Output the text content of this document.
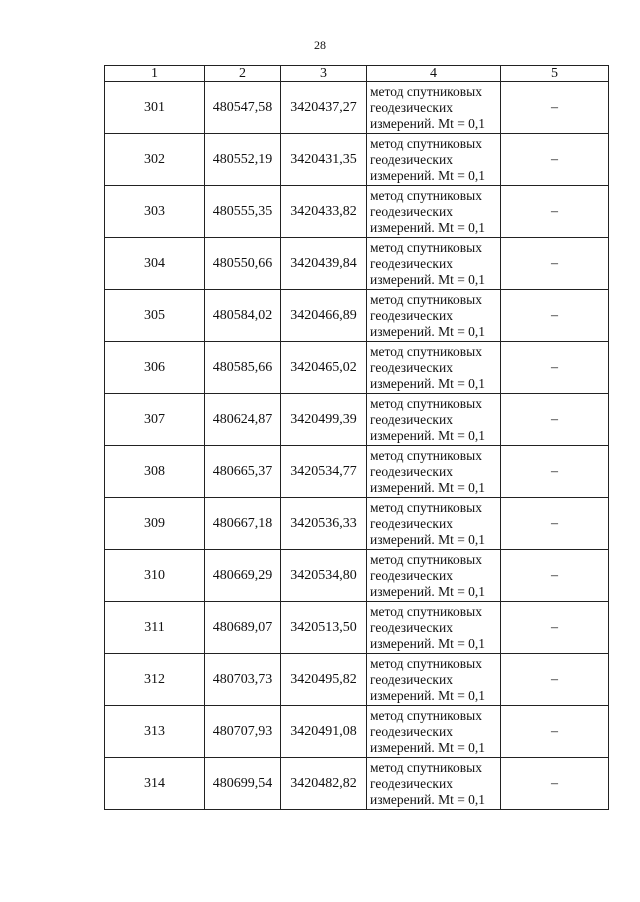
28
1	2	3	4	5
301	480547,58	3420437,27	метод спутниковых
геодезических
измерений. Mt = 0,1	–
302	480552,19	3420431,35	метод спутниковых
геодезических
измерений. Mt = 0,1	–
303	480555,35	3420433,82	метод спутниковых
геодезических
измерений. Mt = 0,1	–
304	480550,66	3420439,84	метод спутниковых
геодезических
измерений. Mt = 0,1	–
305	480584,02	3420466,89	метод спутниковых
геодезических
измерений. Mt = 0,1	–
306	480585,66	3420465,02	метод спутниковых
геодезических
измерений. Mt = 0,1	–
307	480624,87	3420499,39	метод спутниковых
геодезических
измерений. Mt = 0,1	–
308	480665,37	3420534,77	метод спутниковых
геодезических
измерений. Mt = 0,1	–
309	480667,18	3420536,33	метод спутниковых
геодезических
измерений. Mt = 0,1	–
310	480669,29	3420534,80	метод спутниковых
геодезических
измерений. Mt = 0,1	–
311	480689,07	3420513,50	метод спутниковых
геодезических
измерений. Mt = 0,1	–
312	480703,73	3420495,82	метод спутниковых
геодезических
измерений. Mt = 0,1	–
313	480707,93	3420491,08	метод спутниковых
геодезических
измерений. Mt = 0,1	–
314	480699,54	3420482,82	метод спутниковых
геодезических
измерений. Mt = 0,1	–
